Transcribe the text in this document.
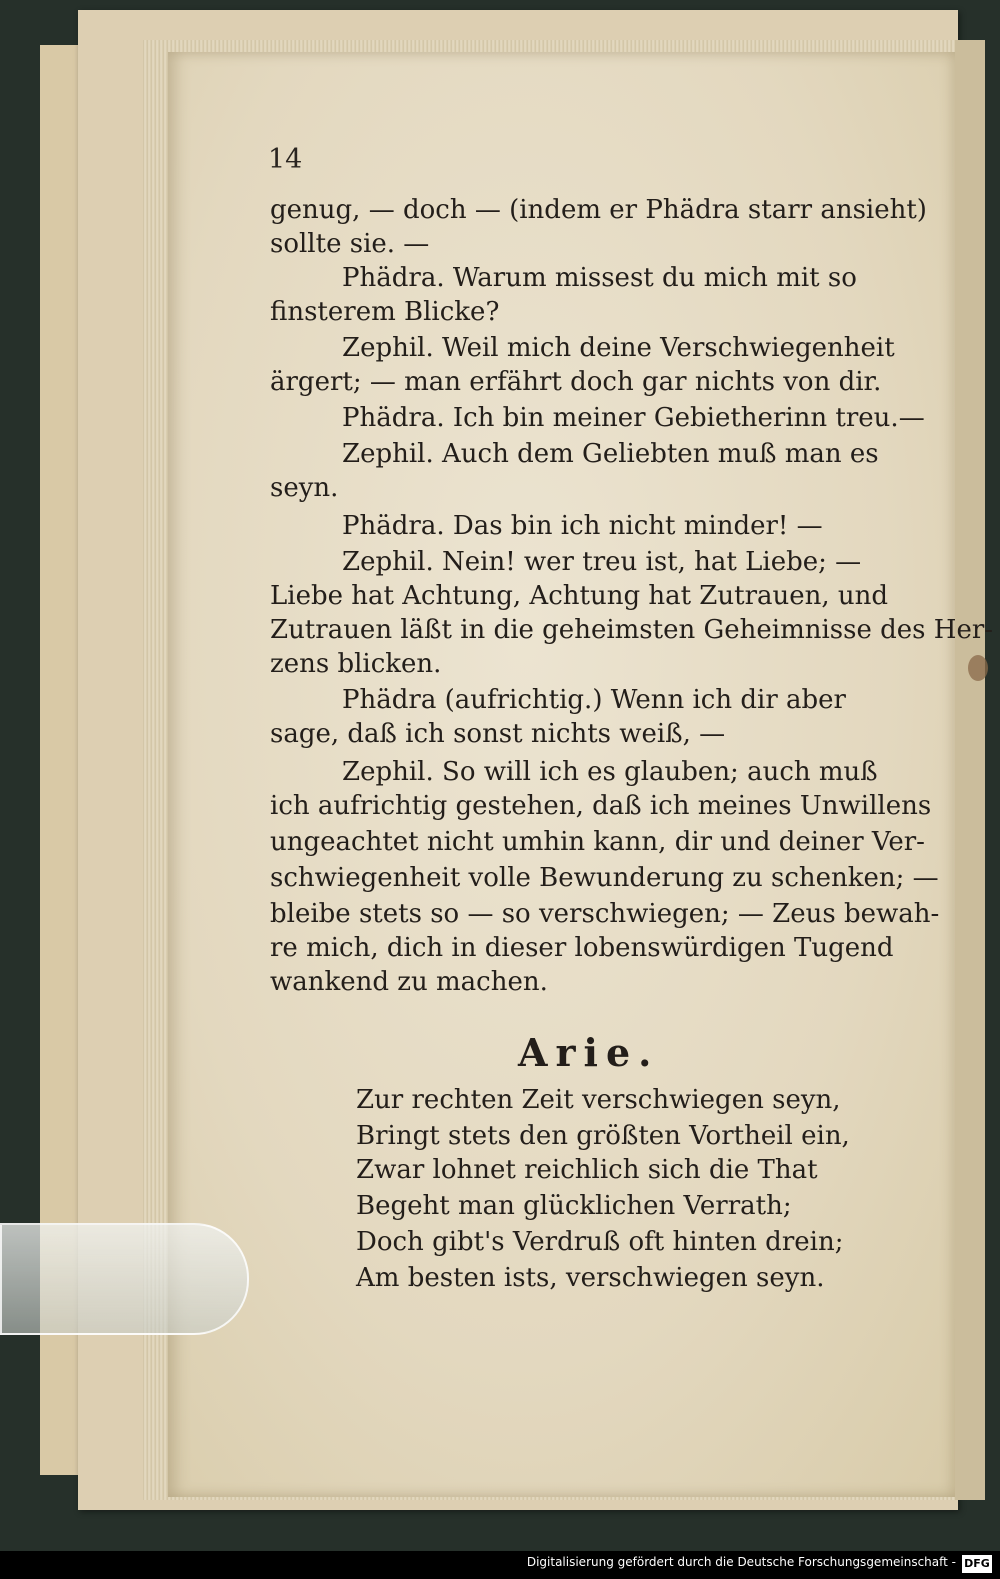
14
genug, — doch — (indem er Phädra starr ansieht)
sollte sie. —
Phädra. Warum missest du mich mit so
finsterem Blicke?
Zephil. Weil mich deine Verschwiegenheit
ärgert; — man erfährt doch gar nichts von dir.
Phädra. Ich bin meiner Gebietherinn treu.—
Zephil. Auch dem Geliebten muß man es
seyn.
Phädra. Das bin ich nicht minder! —
Zephil. Nein! wer treu ist, hat Liebe; —
Liebe hat Achtung, Achtung hat Zutrauen, und
Zutrauen läßt in die geheimsten Geheimnisse des Her-
zens blicken.
Phädra (aufrichtig.) Wenn ich dir aber
sage, daß ich sonst nichts weiß, —
Zephil. So will ich es glauben; auch muß
ich aufrichtig gestehen, daß ich meines Unwillens
ungeachtet nicht umhin kann, dir und deiner Ver-
schwiegenheit volle Bewunderung zu schenken; —
bleibe stets so — so verschwiegen; — Zeus bewah-
re mich, dich in dieser lobenswürdigen Tugend
wankend zu machen.
Arie.
Zur rechten Zeit verschwiegen seyn,
Bringt stets den größten Vortheil ein,
Zwar lohnet reichlich sich die That
Begeht man glücklichen Verrath;
Doch gibt's Verdruß oft hinten drein;
Am besten ists, verschwiegen seyn.
Digitalisierung gefördert durch die Deutsche Forschungsgemeinschaft - DFG
